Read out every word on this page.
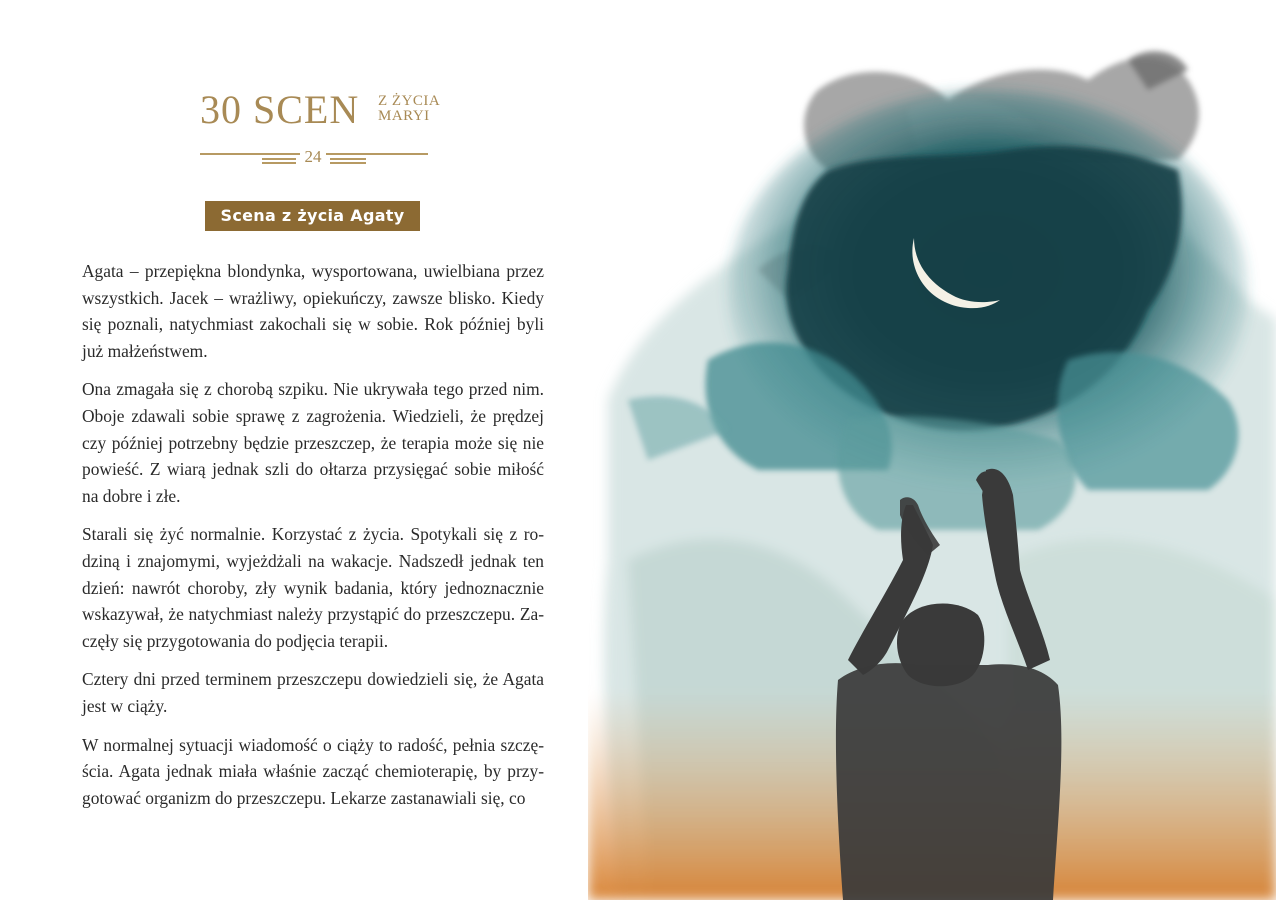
30 SCEN Z ŻYCIA
MARYI
24
Scena z życia Agaty

Agata – przepiękna blondynka, wysportowana, uwielbiana przez wszystkich. Jacek – wrażliwy, opiekuńczy, zawsze blisko. Kiedy się poznali, natychmiast zakochali się w sobie. Rok później byli już małżeństwem.

Ona zmagała się z chorobą szpiku. Nie ukrywała tego przed nim. Oboje zdawali sobie sprawę z zagrożenia. Wiedzieli, że prędzej czy później potrzebny będzie przeszczep, że terapia może się nie powieść. Z wiarą jednak szli do ołtarza przysięgać sobie miłość na dobre i złe.

Starali się żyć normalnie. Korzystać z życia. Spotykali się z rodziną i znajomymi, wyjeżdżali na wakacje. Nadszedł jednak ten dzień: nawrót choroby, zły wynik badania, który jednoznacznie wskazywał, że natychmiast należy przystąpić do przeszczepu. Zaczęły się przygotowania do podjęcia terapii.

Cztery dni przed terminem przeszczepu dowiedzieli się, że Agata jest w ciąży.

W normalnej sytuacji wiadomość o ciąży to radość, pełnia szczęścia. Agata jednak miała właśnie zacząć chemioterapię, by przygotować organizm do przeszczepu. Lekarze zastanawiali się, co
